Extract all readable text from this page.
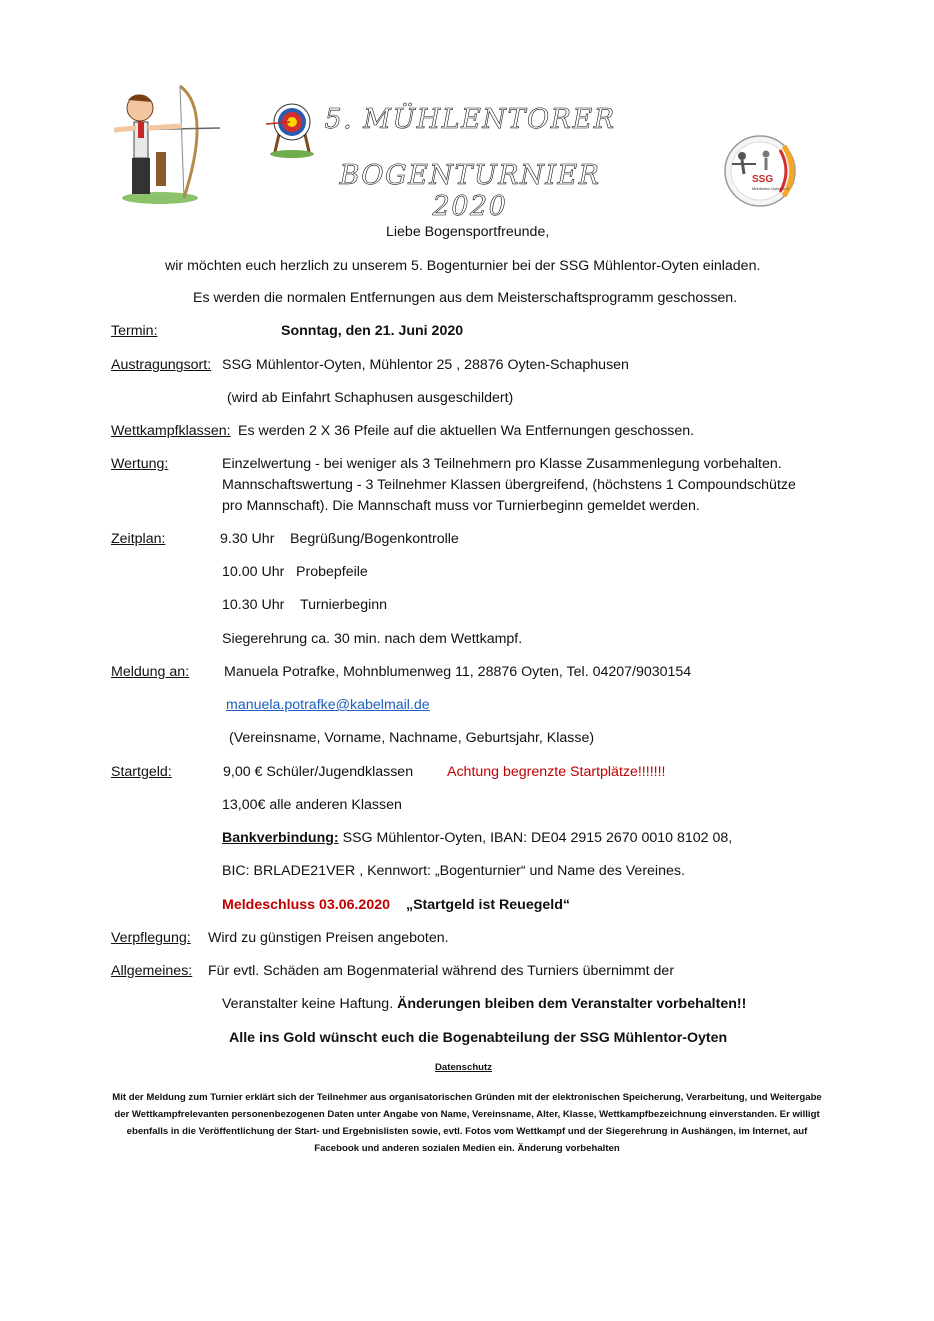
5. MÜHLENTORER
BOGENTURNIER 2020
SSG
Mühlentor-Oyten e.V.
Liebe Bogensportfreunde,
wir möchten euch herzlich zu unserem 5. Bogenturnier bei der SSG Mühlentor-Oyten einladen.
Es werden die normalen Entfernungen aus dem Meisterschaftsprogramm geschossen.
Termin:	Sonntag, den 21. Juni 2020
Austragungsort: SSG Mühlentor-Oyten, Mühlentor 25 , 28876 Oyten-Schaphusen
(wird ab Einfahrt Schaphusen ausgeschildert)
Wettkampfklassen: Es werden 2 X 36 Pfeile auf die aktuellen Wa Entfernungen geschossen.
Wertung:	Einzelwertung - bei weniger als 3 Teilnehmern pro Klasse Zusammenlegung vorbehalten.
Mannschaftswertung - 3 Teilnehmer Klassen übergreifend, (höchstens 1 Compoundschütze
pro Mannschaft). Die Mannschaft muss vor Turnierbeginn gemeldet werden.
Zeitplan:	9.30 Uhr Begrüßung/Bogenkontrolle
10.00 Uhr Probepfeile
10.30 Uhr Turnierbeginn
Siegerehrung ca. 30 min. nach dem Wettkampf.
Meldung an: Manuela Potrafke, Mohnblumenweg 11, 28876 Oyten, Tel. 04207/9030154
manuela.potrafke@kabelmail.de
(Vereinsname, Vorname, Nachname, Geburtsjahr, Klasse)
Startgeld:	9,00 € Schüler/Jugendklassen Achtung begrenzte Startplätze!!!!!!!
13,00€ alle anderen Klassen
Bankverbindung: SSG Mühlentor-Oyten, IBAN: DE04 2915 2670 0010 8102 08,
BIC: BRLADE21VER , Kennwort: „Bogenturnier“ und Name des Vereines.
Meldeschluss 03.06.2020 „Startgeld ist Reuegeld“
Verpflegung: Wird zu günstigen Preisen angeboten.
Allgemeines: Für evtl. Schäden am Bogenmaterial während des Turniers übernimmt der
Veranstalter keine Haftung. Änderungen bleiben dem Veranstalter vorbehalten!!
Alle ins Gold wünscht euch die Bogenabteilung der SSG Mühlentor-Oyten
Datenschutz
Mit der Meldung zum Turnier erklärt sich der Teilnehmer aus organisatorischen Gründen mit der elektronischen Speicherung, Verarbeitung, und Weitergabe der Wettkampfrelevanten personenbezogenen Daten unter Angabe von Name, Vereinsname, Alter, Klasse, Wettkampfbezeichnung einverstanden. Er willigt ebenfalls in die Veröffentlichung der Start- und Ergebnislisten sowie, evtl. Fotos vom Wettkampf und der Siegerehrung in Aushängen, im Internet, auf Facebook und anderen sozialen Medien ein. Änderung vorbehalten
